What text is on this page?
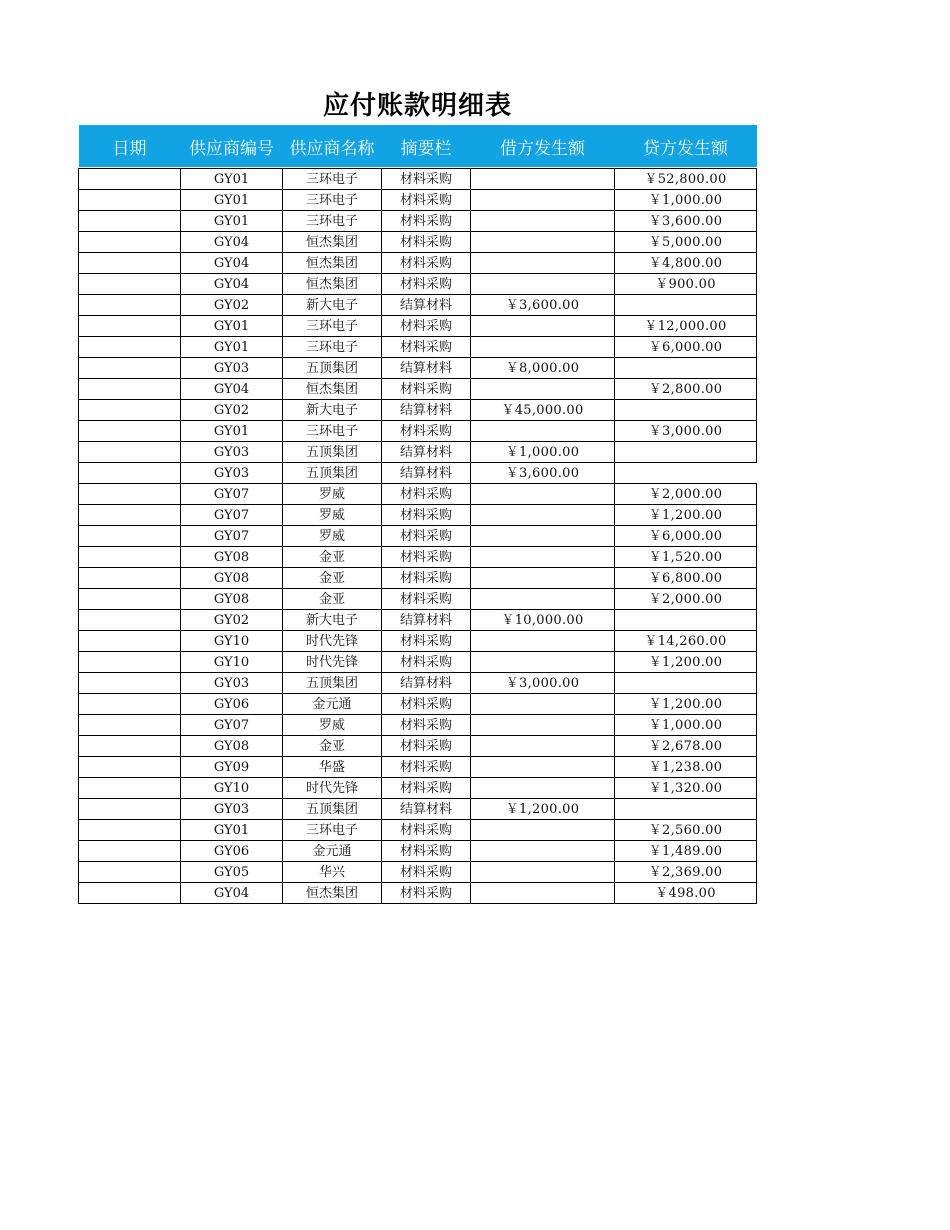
应付账款明细表
日期	供应商编号	供应商名称	摘要栏	借方发生额	贷方发生额

	GY01	三环电子	材料采购		￥52,800.00
	GY01	三环电子	材料采购		￥1,000.00
	GY01	三环电子	材料采购		￥3,600.00
	GY04	恒杰集团	材料采购		￥5,000.00
	GY04	恒杰集团	材料采购		￥4,800.00
	GY04	恒杰集团	材料采购		￥900.00
	GY02	新大电子	结算材料	￥3,600.00	
	GY01	三环电子	材料采购		￥12,000.00
	GY01	三环电子	材料采购		￥6,000.00
	GY03	五顶集团	结算材料	￥8,000.00	
	GY04	恒杰集团	材料采购		￥2,800.00
	GY02	新大电子	结算材料	￥45,000.00	
	GY01	三环电子	材料采购		￥3,000.00
	GY03	五顶集团	结算材料	￥1,000.00	
	GY03	五顶集团	结算材料	￥3,600.00	
	GY07	罗威	材料采购		￥2,000.00
	GY07	罗威	材料采购		￥1,200.00
	GY07	罗威	材料采购		￥6,000.00
	GY08	金亚	材料采购		￥1,520.00
	GY08	金亚	材料采购		￥6,800.00
	GY08	金亚	材料采购		￥2,000.00
	GY02	新大电子	结算材料	￥10,000.00	
	GY10	时代先锋	材料采购		￥14,260.00
	GY10	时代先锋	材料采购		￥1,200.00
	GY03	五顶集团	结算材料	￥3,000.00	
	GY06	金元通	材料采购		￥1,200.00
	GY07	罗威	材料采购		￥1,000.00
	GY08	金亚	材料采购		￥2,678.00
	GY09	华盛	材料采购		￥1,238.00
	GY10	时代先锋	材料采购		￥1,320.00
	GY03	五顶集团	结算材料	￥1,200.00	
	GY01	三环电子	材料采购		￥2,560.00
	GY06	金元通	材料采购		￥1,489.00
	GY05	华兴	材料采购		￥2,369.00
	GY04	恒杰集团	材料采购		￥498.00
